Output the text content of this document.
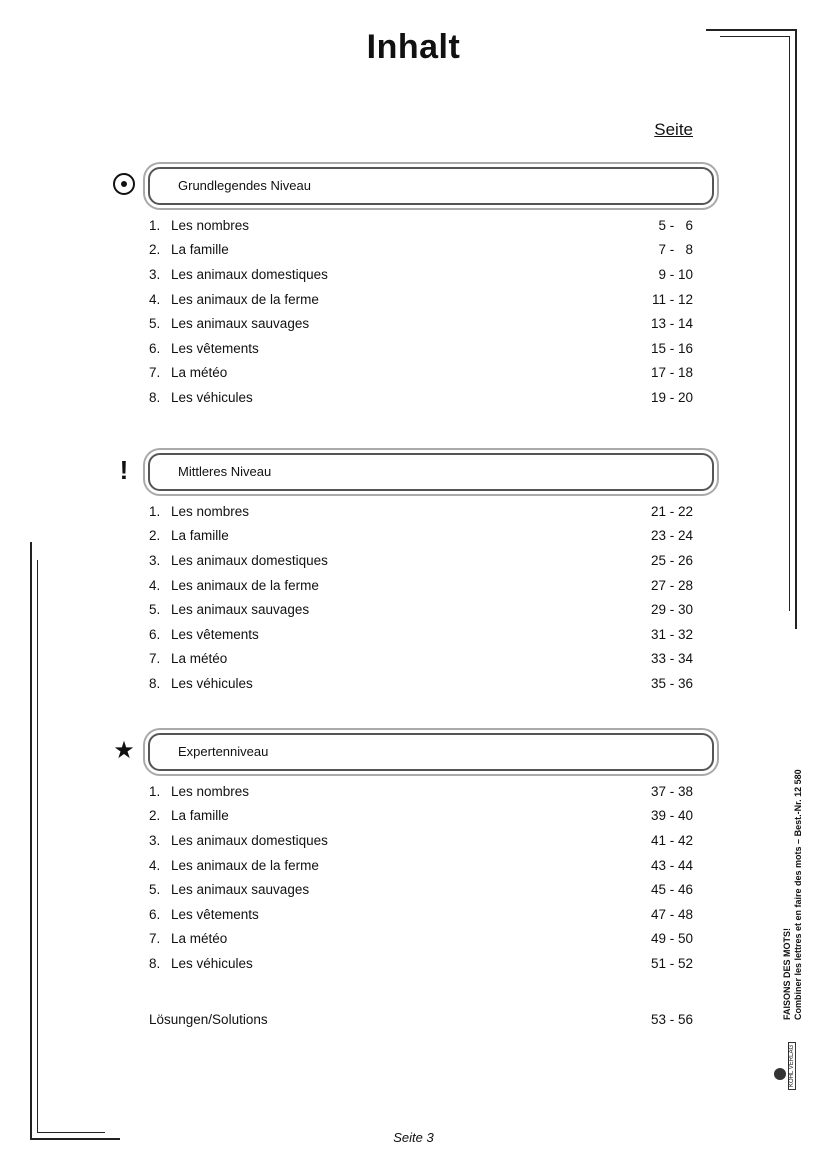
Inhalt
Seite
Grundlegendes Niveau
1. Les nombres	5 -   6
2. La famille	7 -   8
3. Les animaux domestiques	9 - 10
4. Les animaux de la ferme	11 - 12
5. Les animaux sauvages	13 - 14
6. Les vêtements	15 - 16
7. La météo	17 - 18
8. Les véhicules	19 - 20
!	Mittleres Niveau
1. Les nombres	21 - 22
2. La famille	23 - 24
3. Les animaux domestiques	25 - 26
4. Les animaux de la ferme	27 - 28
5. Les animaux sauvages	29 - 30
6. Les vêtements	31 - 32
7. La météo	33 - 34
8. Les véhicules	35 - 36
★	Expertenniveau
1. Les nombres	37 - 38
2. La famille	39 - 40
3. Les animaux domestiques	41 - 42
4. Les animaux de la ferme	43 - 44
5. Les animaux sauvages	45 - 46
6. Les vêtements	47 - 48
7. La météo	49 - 50
8. Les véhicules	51 - 52
Lösungen/Solutions	53 - 56	FAISONS DES MOTS! Combiner les lettres et en faire des mots – Best.-Nr. 12 580
KOHL VERLAG
Seite 3
